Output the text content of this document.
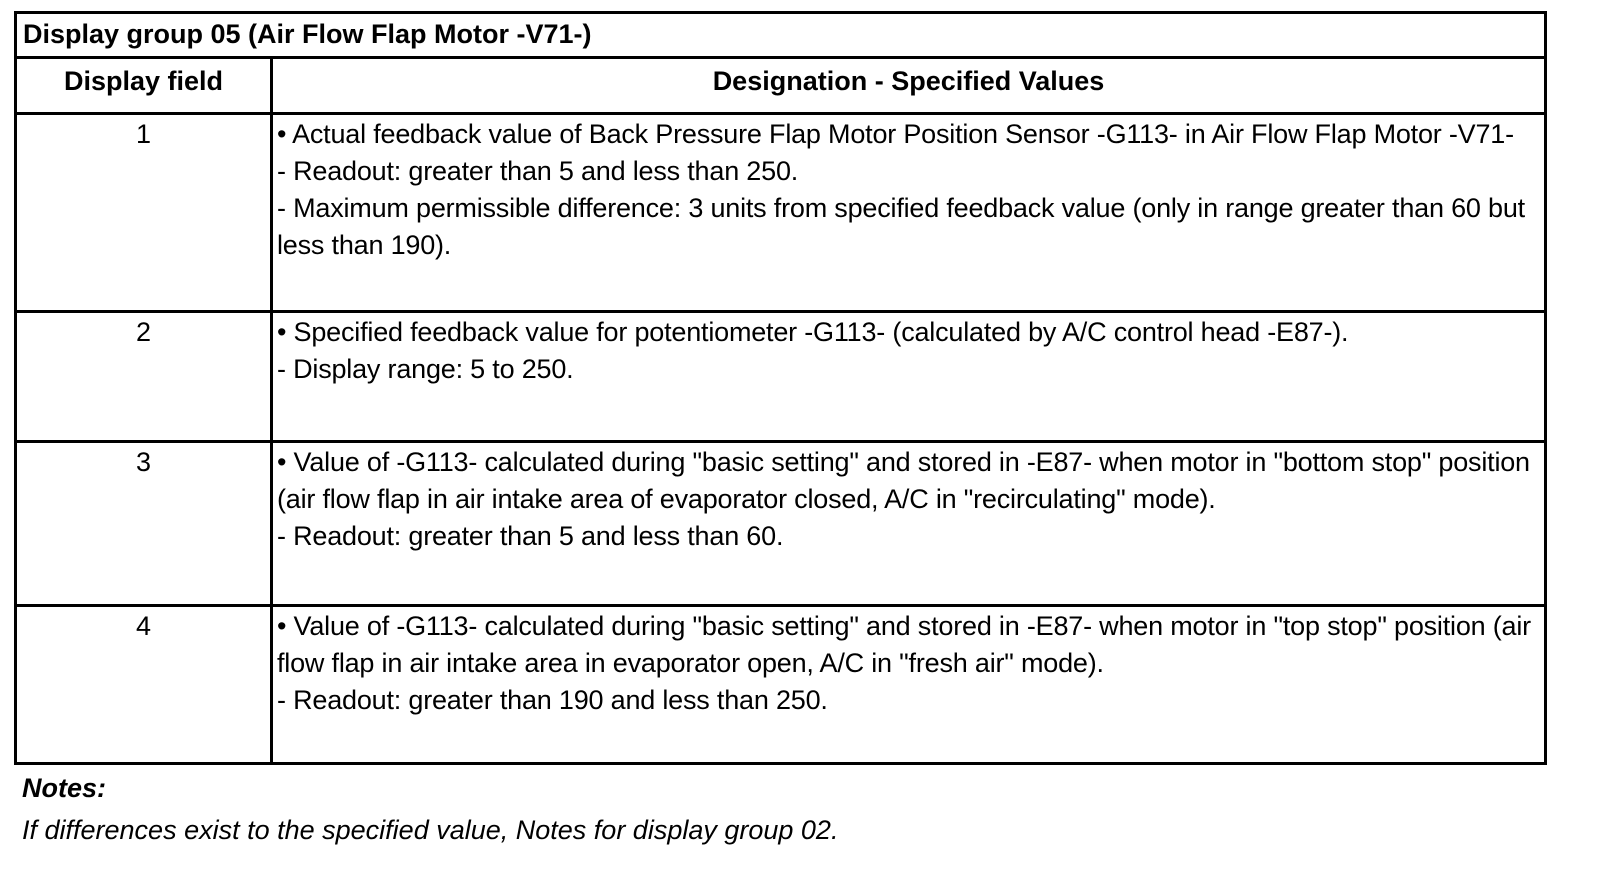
Display group 05 (Air Flow Flap Motor -V71-)	
Display field	Designation - Specified Values
1	• Actual feedback value of Back Pressure Flap Motor Position Sensor -G113- in Air Flow Flap Motor -V71-
- Readout: greater than 5 and less than 250.
- Maximum permissible difference: 3 units from specified feedback value (only in range greater than 60 but less than 190).

2	• Specified feedback value for potentiometer -G113- (calculated by A/C control head -E87-).
- Display range: 5 to 250.

3	• Value of -G113- calculated during "basic setting" and stored in -E87- when motor in "bottom stop" position (air flow flap in air intake area of evaporator closed, A/C in "recirculating" mode).
- Readout: greater than 5 and less than 60.

4	• Value of -G113- calculated during "basic setting" and stored in -E87- when motor in "top stop" position (air flow flap in air intake area in evaporator open, A/C in "fresh air" mode).
- Readout: greater than 190 and less than 250.
Notes:
If differences exist to the specified value, Notes for display group 02.
